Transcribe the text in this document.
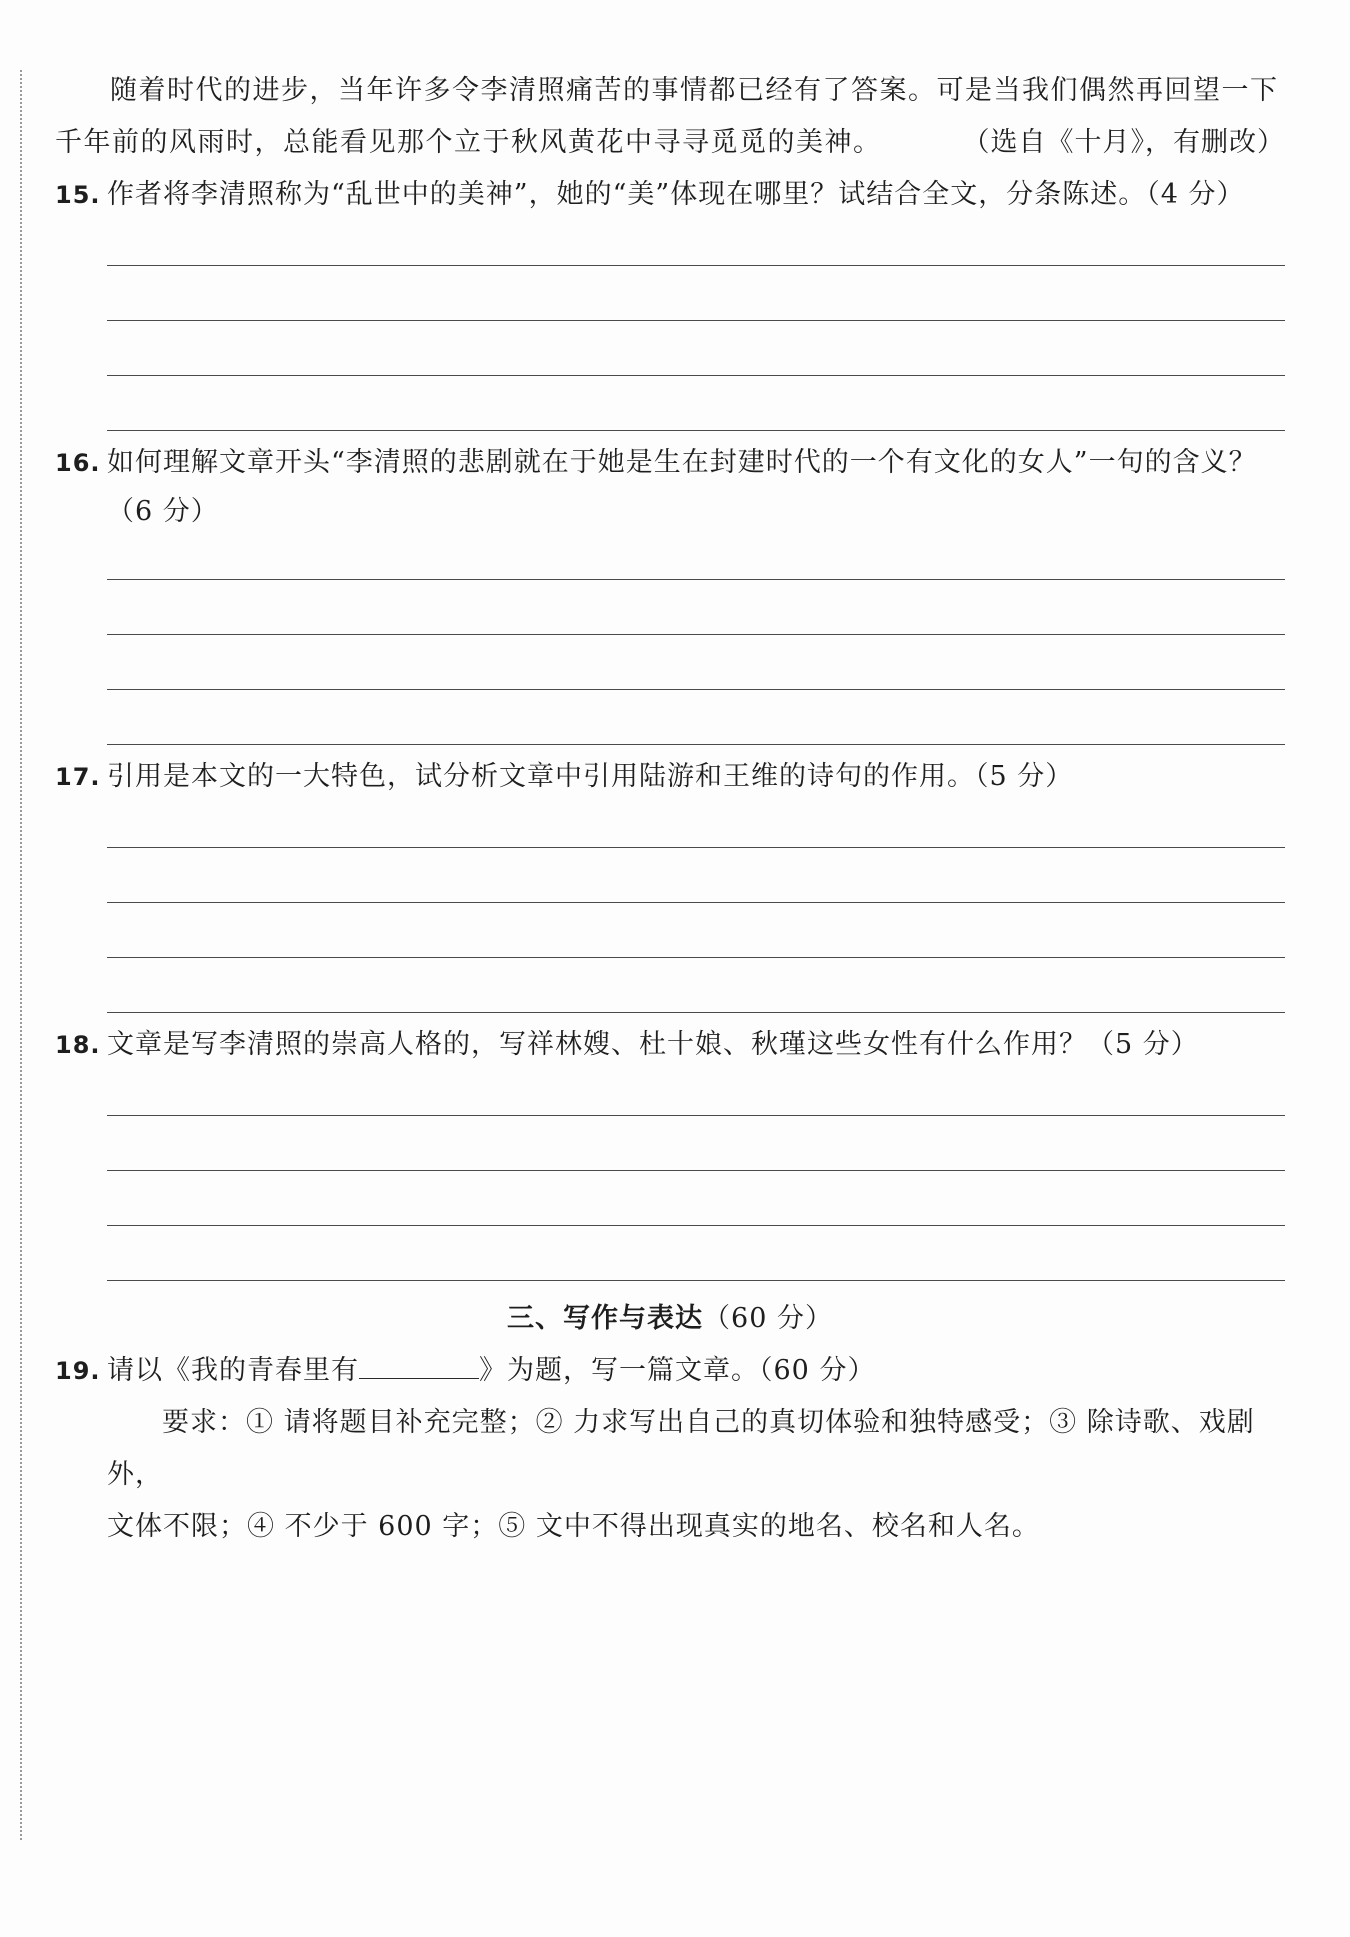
随着时代的进步，当年许多令李清照痛苦的事情都已经有了答案。可是当我们偶然再回望一下

千年前的风雨时，总能看见那个立于秋风黄花中寻寻觅觅的美神。	（选自《十月》，有删改）

15. 作者将李清照称为“乱世中的美神”，她的“美”体现在哪里？试结合全文，分条陈述。（4 分）

16. 如何理解文章开头“李清照的悲剧就在于她是生在封建时代的一个有文化的女人”一句的含义？

（6 分）

17. 引用是本文的一大特色，试分析文章中引用陆游和王维的诗句的作用。（5 分）

18. 文章是写李清照的崇高人格的，写祥林嫂、杜十娘、秋瑾这些女性有什么作用？（5 分）

三、写作与表达（60 分）

19. 请以《我的青春里有	》为题，写一篇文章。（60 分）

要求：① 请将题目补充完整；② 力求写出自己的真切体验和独特感受；③ 除诗歌、戏剧外，

文体不限；④ 不少于 600 字；⑤ 文中不得出现真实的地名、校名和人名。
